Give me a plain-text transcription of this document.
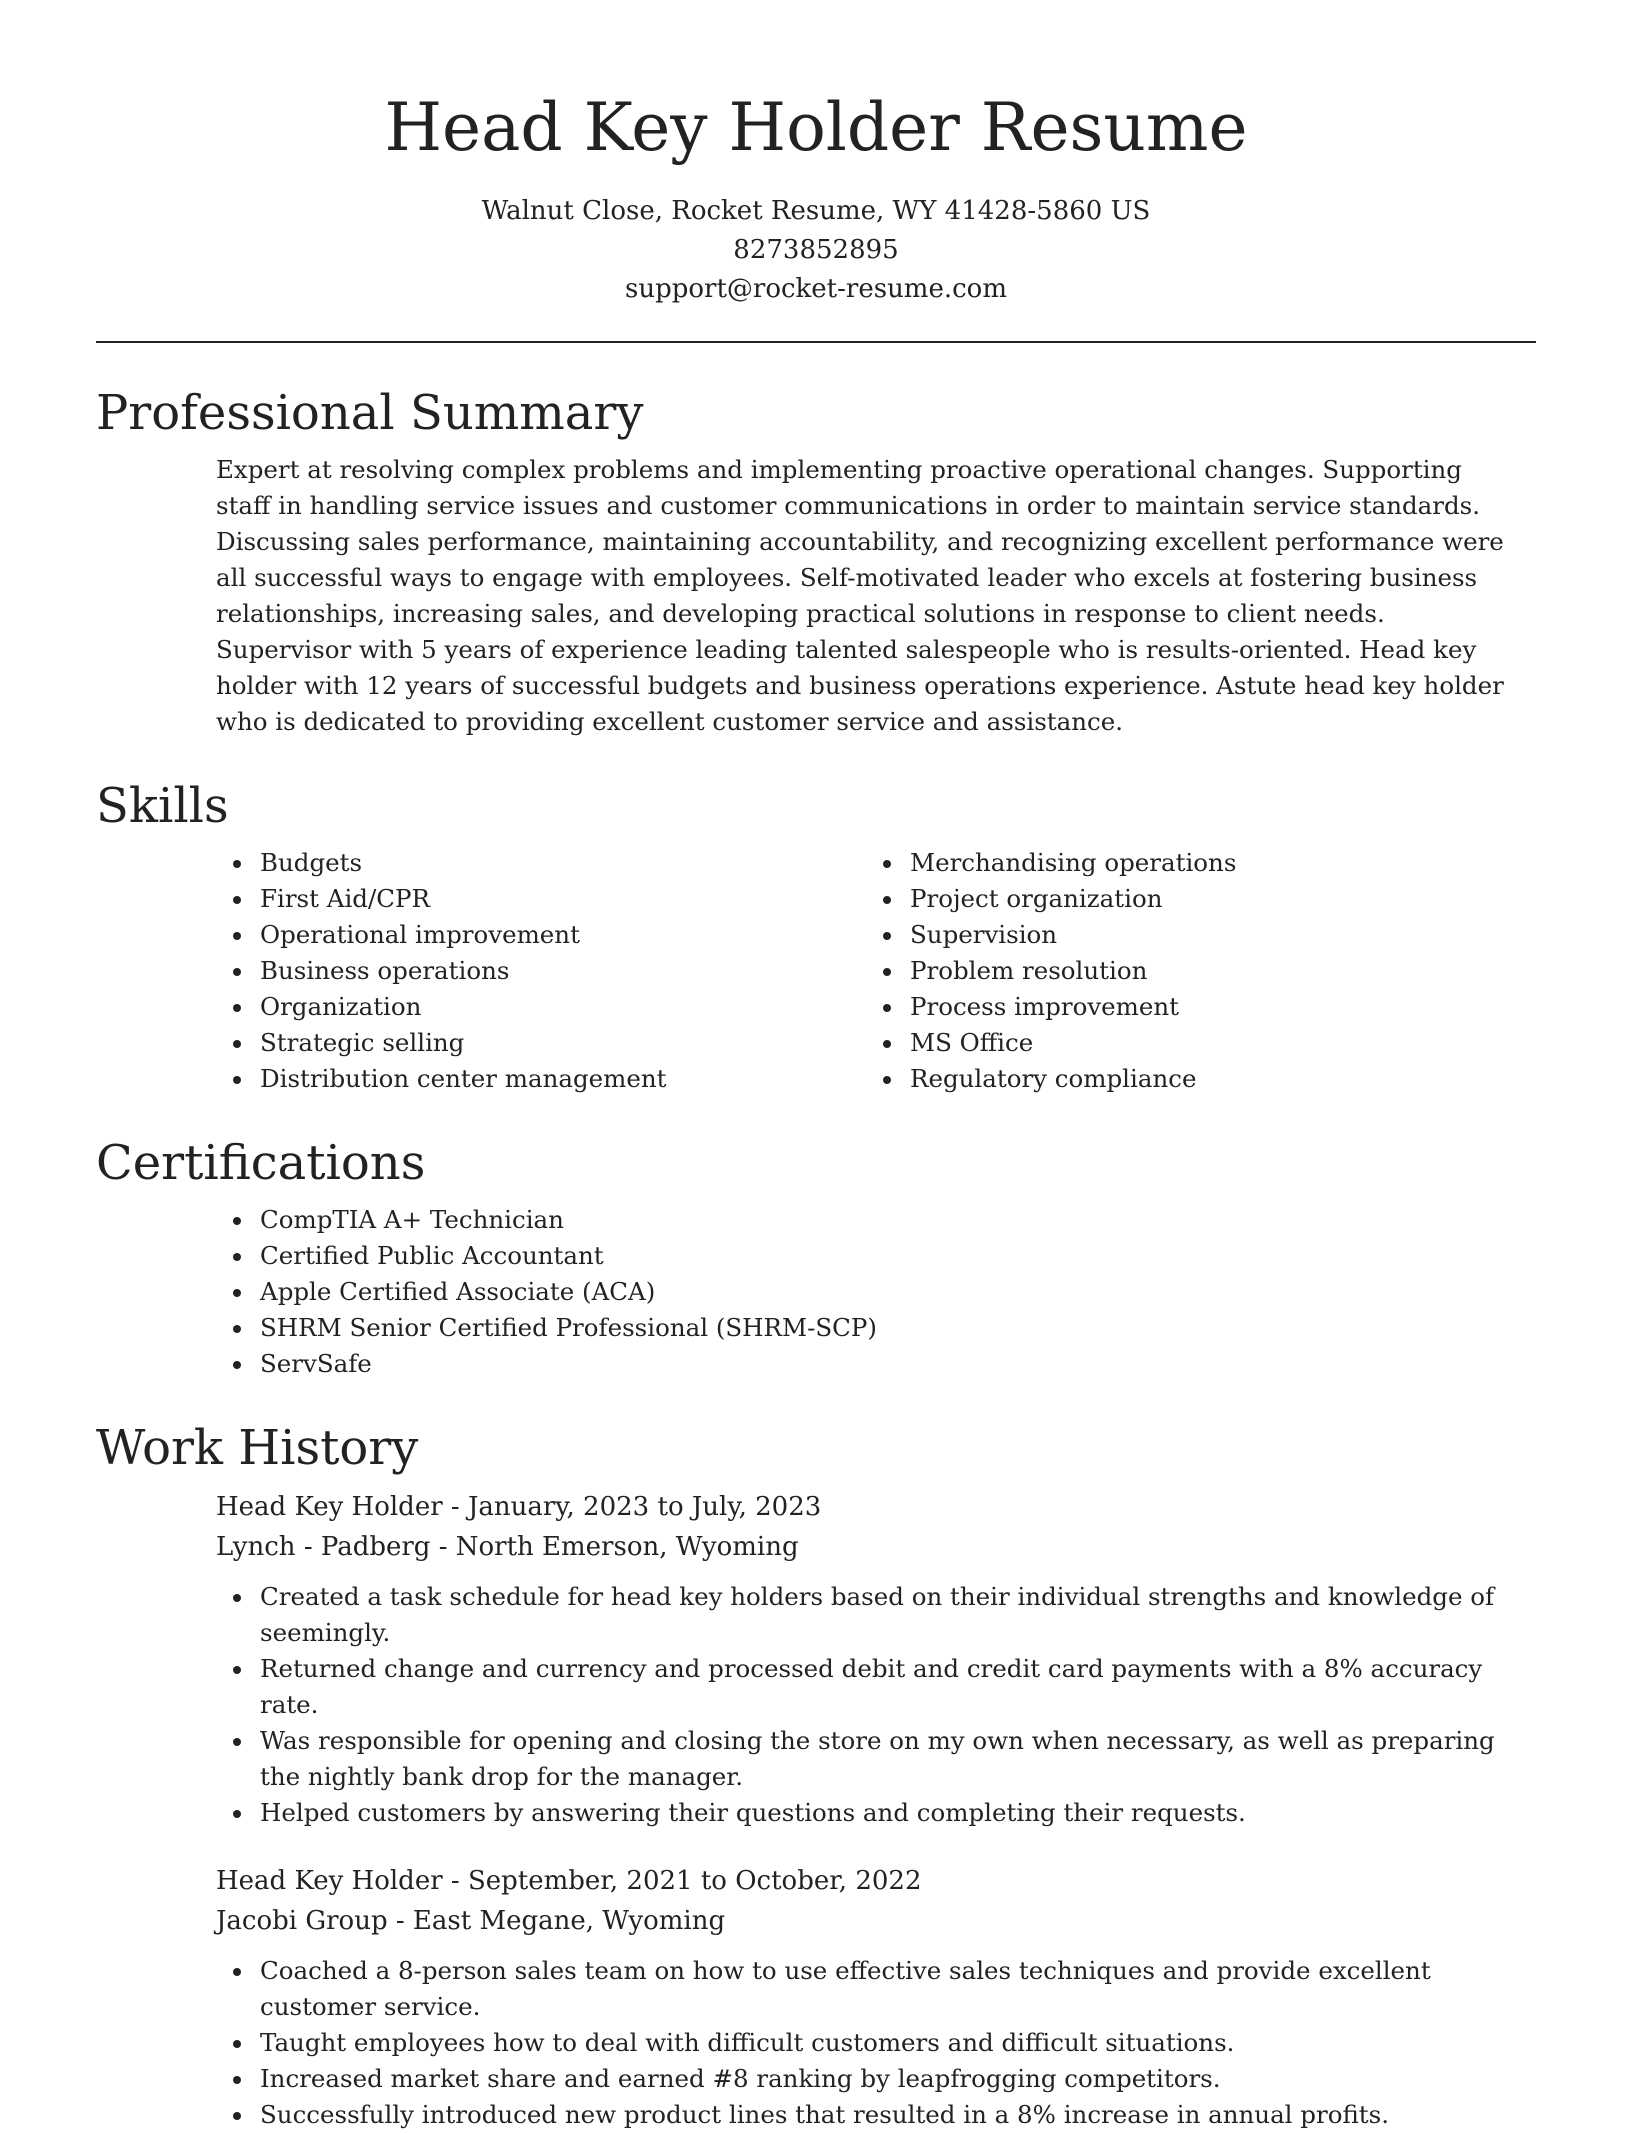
Head Key Holder Resume
Walnut Close, Rocket Resume, WY 41428-5860 US
8273852895
support@rocket-resume.com
Professional Summary

Expert at resolving complex problems and implementing proactive operational changes. Supporting staff in handling service issues and customer communications in order to maintain service standards. Discussing sales performance, maintaining accountability, and recognizing excellent performance were all successful ways to engage with employees. Self-motivated leader who excels at fostering business relationships, increasing sales, and developing practical solutions in response to client needs. Supervisor with 5 years of experience leading talented salespeople who is results-oriented. Head key holder with 12 years of successful budgets and business operations experience. Astute head key holder who is dedicated to providing excellent customer service and assistance.

Skills
Budgets
First Aid/CPR
Operational improvement
Business operations
Organization
Strategic selling
Distribution center management
Merchandising operations
Project organization
Supervision
Problem resolution
Process improvement
MS Office
Regulatory compliance
Certifications
CompTIA A+ Technician
Certified Public Accountant
Apple Certified Associate (ACA)
SHRM Senior Certified Professional (SHRM-SCP)
ServSafe
Work History
Head Key Holder - January, 2023 to July, 2023
Lynch - Padberg - North Emerson, Wyoming
Created a task schedule for head key holders based on their individual strengths and knowledge of seemingly.
Returned change and currency and processed debit and credit card payments with a 8% accuracy rate.
Was responsible for opening and closing the store on my own when necessary, as well as preparing the nightly bank drop for the manager.
Helped customers by answering their questions and completing their requests.
Head Key Holder - September, 2021 to October, 2022
Jacobi Group - East Megane, Wyoming
Coached a 8-person sales team on how to use effective sales techniques and provide excellent customer service.
Taught employees how to deal with difficult customers and difficult situations.
Increased market share and earned #8 ranking by leapfrogging competitors.
Successfully introduced new product lines that resulted in a 8% increase in annual profits.
